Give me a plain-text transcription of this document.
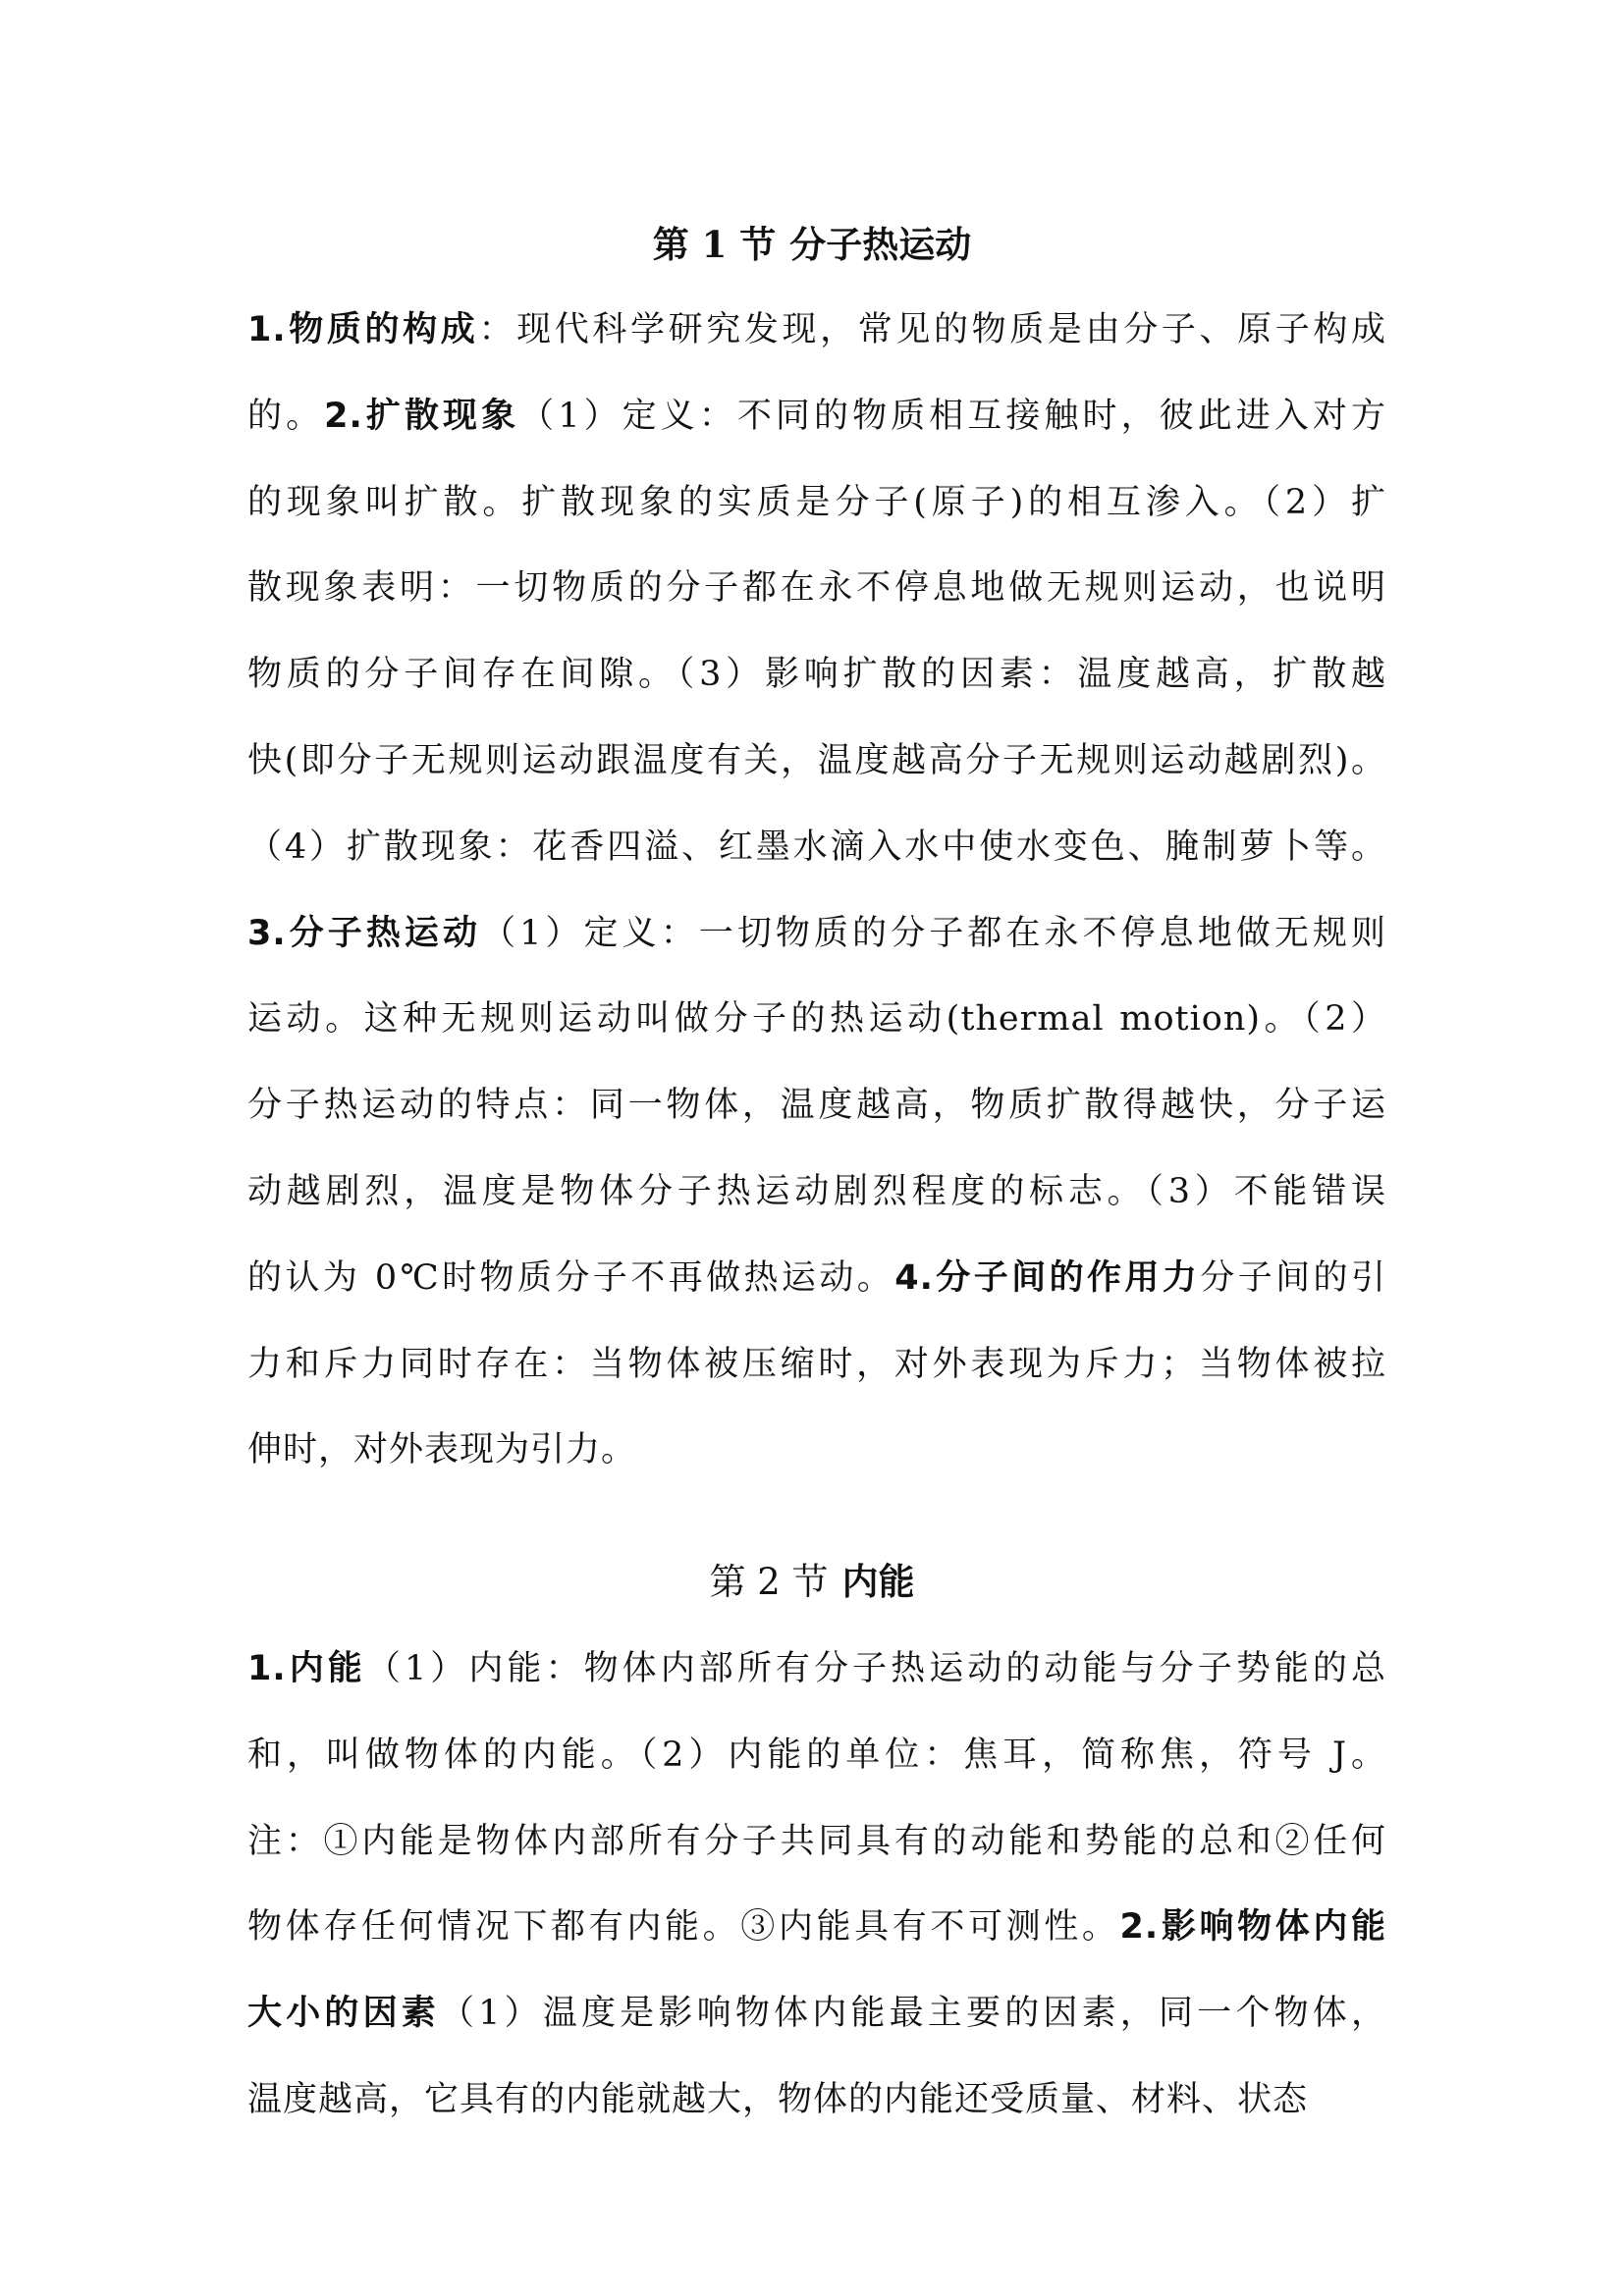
第 1 节 分子热运动
1.物质的构成：现代科学研究发现，常见的物质是由分子、原子构成
的。2.扩散现象（1）定义：不同的物质相互接触时，彼此进入对方
的现象叫扩散。扩散现象的实质是分子(原子)的相互渗入。（2）扩
散现象表明：一切物质的分子都在永不停息地做无规则运动，也说明
物质的分子间存在间隙。（3）影响扩散的因素：温度越高，扩散越
快(即分子无规则运动跟温度有关，温度越高分子无规则运动越剧烈)。
（4）扩散现象：花香四溢、红墨水滴入水中使水变色、腌制萝卜等。
3.分子热运动（1）定义：一切物质的分子都在永不停息地做无规则
运动。这种无规则运动叫做分子的热运动(thermal motion)。（2）
分子热运动的特点：同一物体，温度越高，物质扩散得越快，分子运
动越剧烈，温度是物体分子热运动剧烈程度的标志。（3）不能错误
的认为 0℃时物质分子不再做热运动。4.分子间的作用力分子间的引
力和斥力同时存在：当物体被压缩时，对外表现为斥力；当物体被拉
伸时，对外表现为引力。
第 2 节 内能
1.内能（1）内能：物体内部所有分子热运动的动能与分子势能的总
和，叫做物体的内能。（2）内能的单位：焦耳，简称焦，符号 J。
注：①内能是物体内部所有分子共同具有的动能和势能的总和②任何
物体存任何情况下都有内能。③内能具有不可测性。2.影响物体内能
大小的因素（1）温度是影响物体内能最主要的因素，同一个物体，
温度越高，它具有的内能就越大，物体的内能还受质量、材料、状态
